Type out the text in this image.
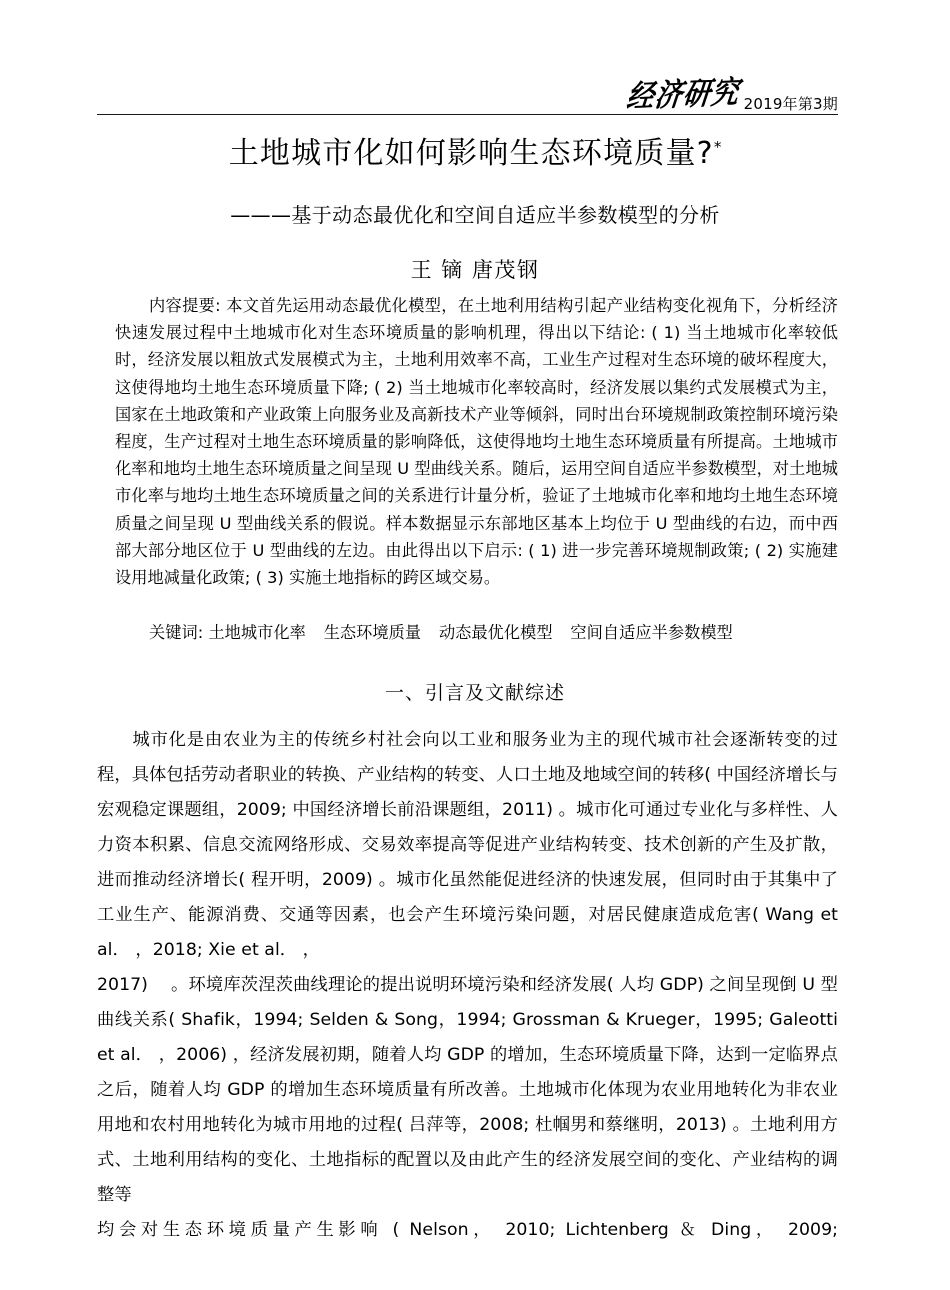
经济研究 2019年第3期
土地城市化如何影响生态环境质量?*
———基于动态最优化和空间自适应半参数模型的分析
王 镝 唐茂钢
内容提要: 本文首先运用动态最优化模型，在土地利用结构引起产业结构变化视角下，分析经济快速发展过程中土地城市化对生态环境质量的影响机理，得出以下结论: ( 1) 当土地城市化率较低时，经济发展以粗放式发展模式为主，土地利用效率不高，工业生产过程对生态环境的破坏程度大，这使得地均土地生态环境质量下降; ( 2) 当土地城市化率较高时，经济发展以集约式发展模式为主，国家在土地政策和产业政策上向服务业及高新技术产业等倾斜，同时出台环境规制政策控制环境污染程度，生产过程对土地生态环境质量的影响降低，这使得地均土地生态环境质量有所提高。土地城市化率和地均土地生态环境质量之间呈现 U 型曲线关系。随后，运用空间自适应半参数模型，对土地城市化率与地均土地生态环境质量之间的关系进行计量分析，验证了土地城市化率和地均土地生态环境质量之间呈现 U 型曲线关系的假说。样本数据显示东部地区基本上均位于 U 型曲线的右边，而中西部大部分地区位于 U 型曲线的左边。由此得出以下启示: ( 1) 进一步完善环境规制政策; ( 2) 实施建设用地减量化政策; ( 3) 实施土地指标的跨区域交易。
关键词: 土地城市化率 生态环境质量 动态最优化模型 空间自适应半参数模型
一、引言及文献综述

城市化是由农业为主的传统乡村社会向以工业和服务业为主的现代城市社会逐渐转变的过程，具体包括劳动者职业的转换、产业结构的转变、人口土地及地域空间的转移( 中国经济增长与宏观稳定课题组，2009; 中国经济增长前沿课题组，2011) 。城市化可通过专业化与多样性、人力资本积累、信息交流网络形成、交易效率提高等促进产业结构转变、技术创新的产生及扩散，进而推动经济增长( 程开明，2009) 。城市化虽然能促进经济的快速发展，但同时由于其集中了工业生产、能源消费、交通等因素，也会产生环境污染问题，对居民健康造成危害( Wang et al． ，2018; Xie et al． ，

2017) 　。环境库茨涅茨曲线理论的提出说明环境污染和经济发展( 人均 GDP) 之间呈现倒 U 型曲线关系( Shafik，1994; Selden & Song，1994; Grossman & Krueger，1995; Galeotti et al． ，2006) ，经济发展初期，随着人均 GDP 的增加，生态环境质量下降，达到一定临界点之后，随着人均 GDP 的增加生态环境质量有所改善。土地城市化体现为农业用地转化为非农业用地和农村用地转化为城市用地的过程( 吕萍等，2008; 杜帼男和蔡继明，2013) 。土地利用方式、土地利用结构的变化、土地指标的配置以及由此产生的经济发展空间的变化、产业结构的调整等

均会对生态环境质量产生影响 ( Nelson， 2010; Lichtenberg ＆ Ding， 2009;
